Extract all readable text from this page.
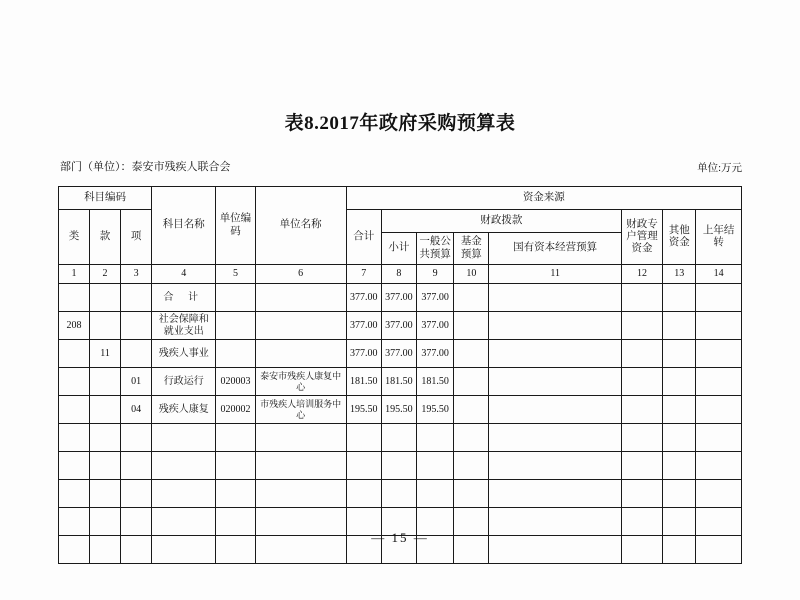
表8.2017年政府采购预算表
部门（单位）：泰安市残疾人联合会	单位:万元
科目编码			科目名称	单位编码	单位名称	资金来源							
类	款	项				合计	财政拨款				财政专户管理资金	其他资金	上年结转
							小计	一般公共预算	基金预算	国有资本经营预算			
1	2	3	4	5	6	7	8	9	10	11	12	13	14
			合 计			377.00	377.00	377.00					
208			社会保障和就业支出			377.00	377.00	377.00					
	11		残疾人事业			377.00	377.00	377.00					
		01	行政运行	020003	泰安市残疾人康复中心	181.50	181.50	181.50					
		04	残疾人康复	020002	市残疾人培训服务中心	195.50	195.50	195.50					

— 15 —
